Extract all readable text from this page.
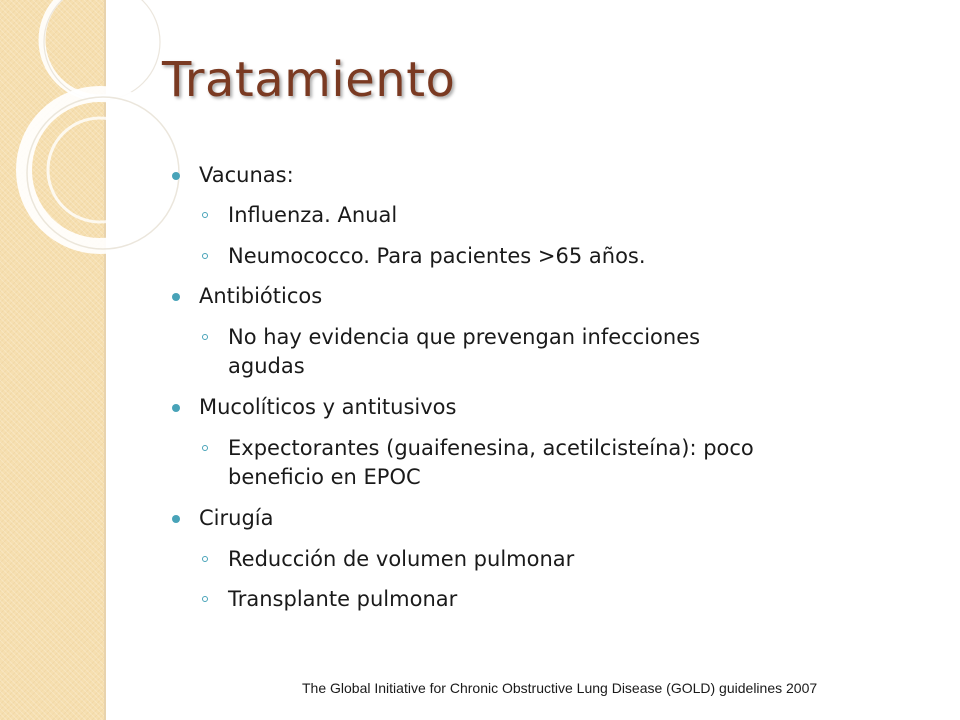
Tratamiento
Vacunas:
Influenza. Anual
Neumococco. Para pacientes >65 años.
Antibióticos
No hay evidencia que prevengan infecciones
agudas
Mucolíticos y antitusivos
Expectorantes (guaifenesina, acetilcisteína): poco
beneficio en EPOC
Cirugía
Reducción de volumen pulmonar
Transplante pulmonar
The Global Initiative for Chronic Obstructive Lung Disease (GOLD) guidelines 2007
